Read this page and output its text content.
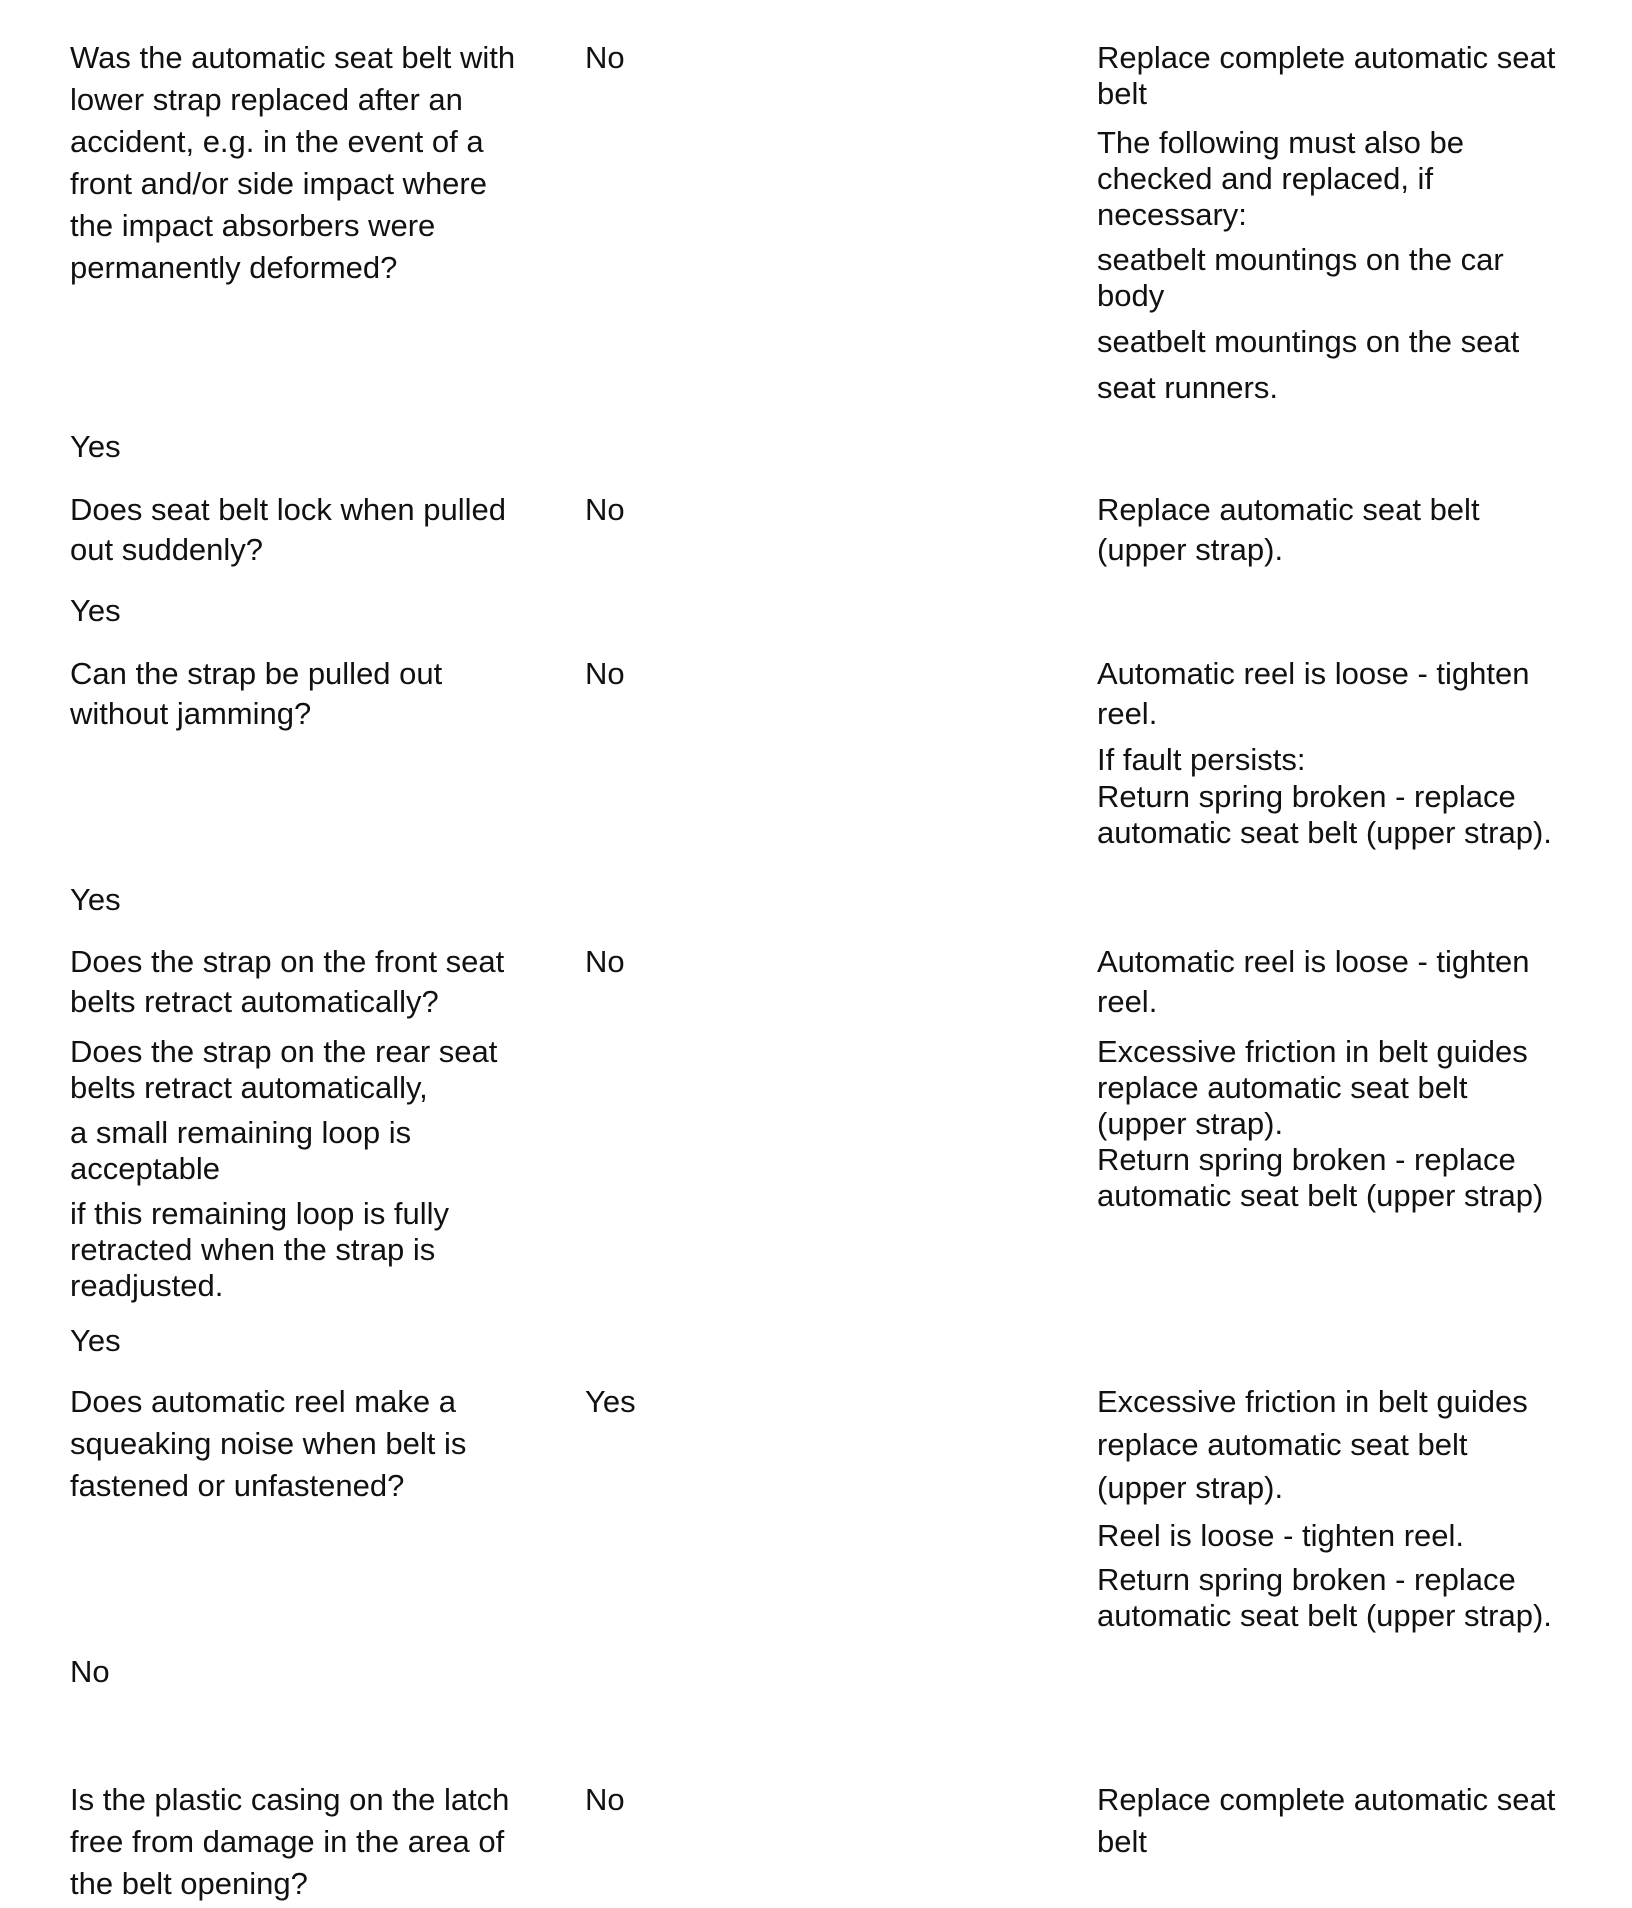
Was the automatic seat belt with
lower strap replaced after an
accident, e.g. in the event of a
front and/or side impact where
the impact absorbers were
permanently deformed?
No	Replace complete automatic seat
belt
The following must also be
checked and replaced, if
necessary:
seatbelt mountings on the car
body
seatbelt mountings on the seat
seat runners.
Yes
Does seat belt lock when pulled
out suddenly?
No	Replace automatic seat belt
(upper strap).
Yes
Can the strap be pulled out
without jamming?
No	Automatic reel is loose - tighten
reel.
If fault persists:
Return spring broken - replace
automatic seat belt (upper strap).
Yes
Does the strap on the front seat
belts retract automatically?
Does the strap on the rear seat
belts retract automatically,
a small remaining loop is
acceptable
if this remaining loop is fully
retracted when the strap is
readjusted.
No	Automatic reel is loose - tighten
reel.
Excessive friction in belt guides
replace automatic seat belt
(upper strap).
Return spring broken - replace
automatic seat belt (upper strap)
Yes
Does automatic reel make a
squeaking noise when belt is
fastened or unfastened?
Yes	Excessive friction in belt guides
replace automatic seat belt
(upper strap).
Reel is loose - tighten reel.
Return spring broken - replace
automatic seat belt (upper strap).
No
Is the plastic casing on the latch
free from damage in the area of
the belt opening?
No	Replace complete automatic seat
belt
